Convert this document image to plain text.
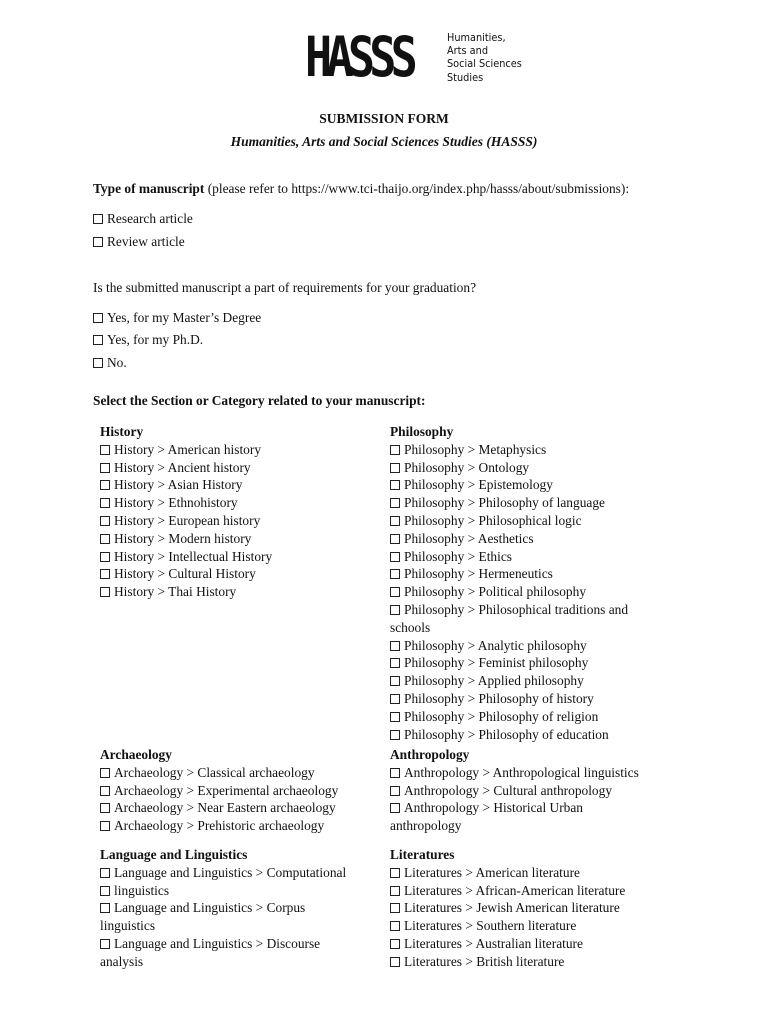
HASSS	Humanities,
Arts and
Social Sciences
Studies
SUBMISSION FORM
Humanities, Arts and Social Sciences Studies (HASSS)
Type of manuscript (please refer to https://www.tci-thaijo.org/index.php/hasss/about/submissions):
Research article
Review article
Is the submitted manuscript a part of requirements for your graduation?
Yes, for my Master’s Degree
Yes, for my Ph.D.
No.
Select the Section or Category related to your manuscript:
History
History > American history
History > Ancient history
History > Asian History
History > Ethnohistory
History > European history
History > Modern history
History > Intellectual History
History > Cultural History
History > Thai History
Philosophy
Philosophy > Metaphysics
Philosophy > Ontology
Philosophy > Epistemology
Philosophy > Philosophy of language
Philosophy > Philosophical logic
Philosophy > Aesthetics
Philosophy > Ethics
Philosophy > Hermeneutics
Philosophy > Political philosophy
Philosophy > Philosophical traditions and schools
Philosophy > Analytic philosophy
Philosophy > Feminist philosophy
Philosophy > Applied philosophy
Philosophy > Philosophy of history
Philosophy > Philosophy of religion
Philosophy > Philosophy of education
Archaeology
Archaeology > Classical archaeology
Archaeology > Experimental archaeology
Archaeology > Near Eastern archaeology
Archaeology > Prehistoric archaeology
Anthropology
Anthropology > Anthropological linguistics
Anthropology > Cultural anthropology
Anthropology > Historical Urban anthropology
Language and Linguistics
Language and Linguistics > Computational
linguistics
Language and Linguistics > Corpus linguistics
Language and Linguistics > Discourse analysis
Literatures
Literatures > American literature
Literatures > African-American literature
Literatures > Jewish American literature
Literatures > Southern literature
Literatures > Australian literature
Literatures > British literature
